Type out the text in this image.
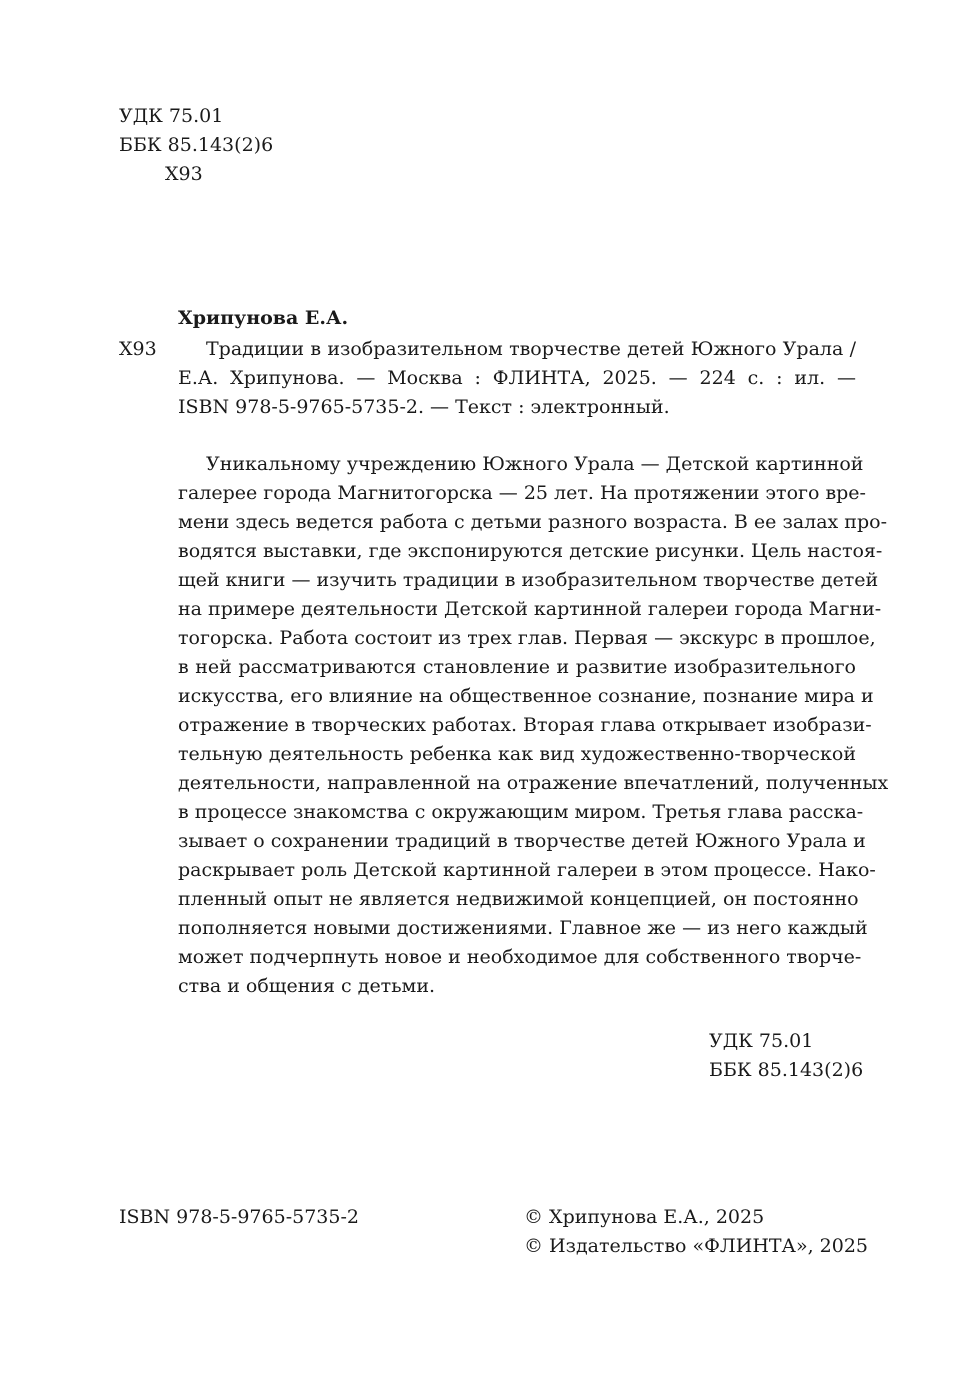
УДК 75.01
ББК 85.143(2)6
Х93
Хрипунова Е.А.
Х93	Традиции в изобразительном творчестве детей Южного Урала /
Е.А. Хрипунова. — Москва : ФЛИНТА, 2025. — 224 с. : ил. —
ISBN 978-5-9765-5735-2. — Текст : электронный.
Уникальному учреждению Южного Урала — Детской картинной
галерее города Магнитогорска — 25 лет. На протяжении этого вре-
мени здесь ведется работа с детьми разного возраста. В ее залах про-
водятся выставки, где экспонируются детские рисунки. Цель настоя-
щей книги — изучить традиции в изобразительном творчестве детей
на примере деятельности Детской картинной галереи города Магни-
тогорска. Работа состоит из трех глав. Первая — экскурс в прошлое,
в ней рассматриваются становление и развитие изобразительного
искусства, его влияние на общественное сознание, познание мира и
отражение в творческих работах. Вторая глава открывает изобрази-
тельную деятельность ребенка как вид художественно-творческой
деятельности, направленной на отражение впечатлений, полученных
в процессе знакомства с окружающим миром. Третья глава расска-
зывает о сохранении традиций в творчестве детей Южного Урала и
раскрывает роль Детской картинной галереи в этом процессе. Нако-
пленный опыт не является недвижимой концепцией, он постоянно
пополняется новыми достижениями. Главное же — из него каждый
может подчерпнуть новое и необходимое для собственного творче-
ства и общения с детьми.
УДК 75.01
ББК 85.143(2)6
ISBN 978-5-9765-5735-2	© Хрипунова Е.А., 2025
© Издательство «ФЛИНТА», 2025
